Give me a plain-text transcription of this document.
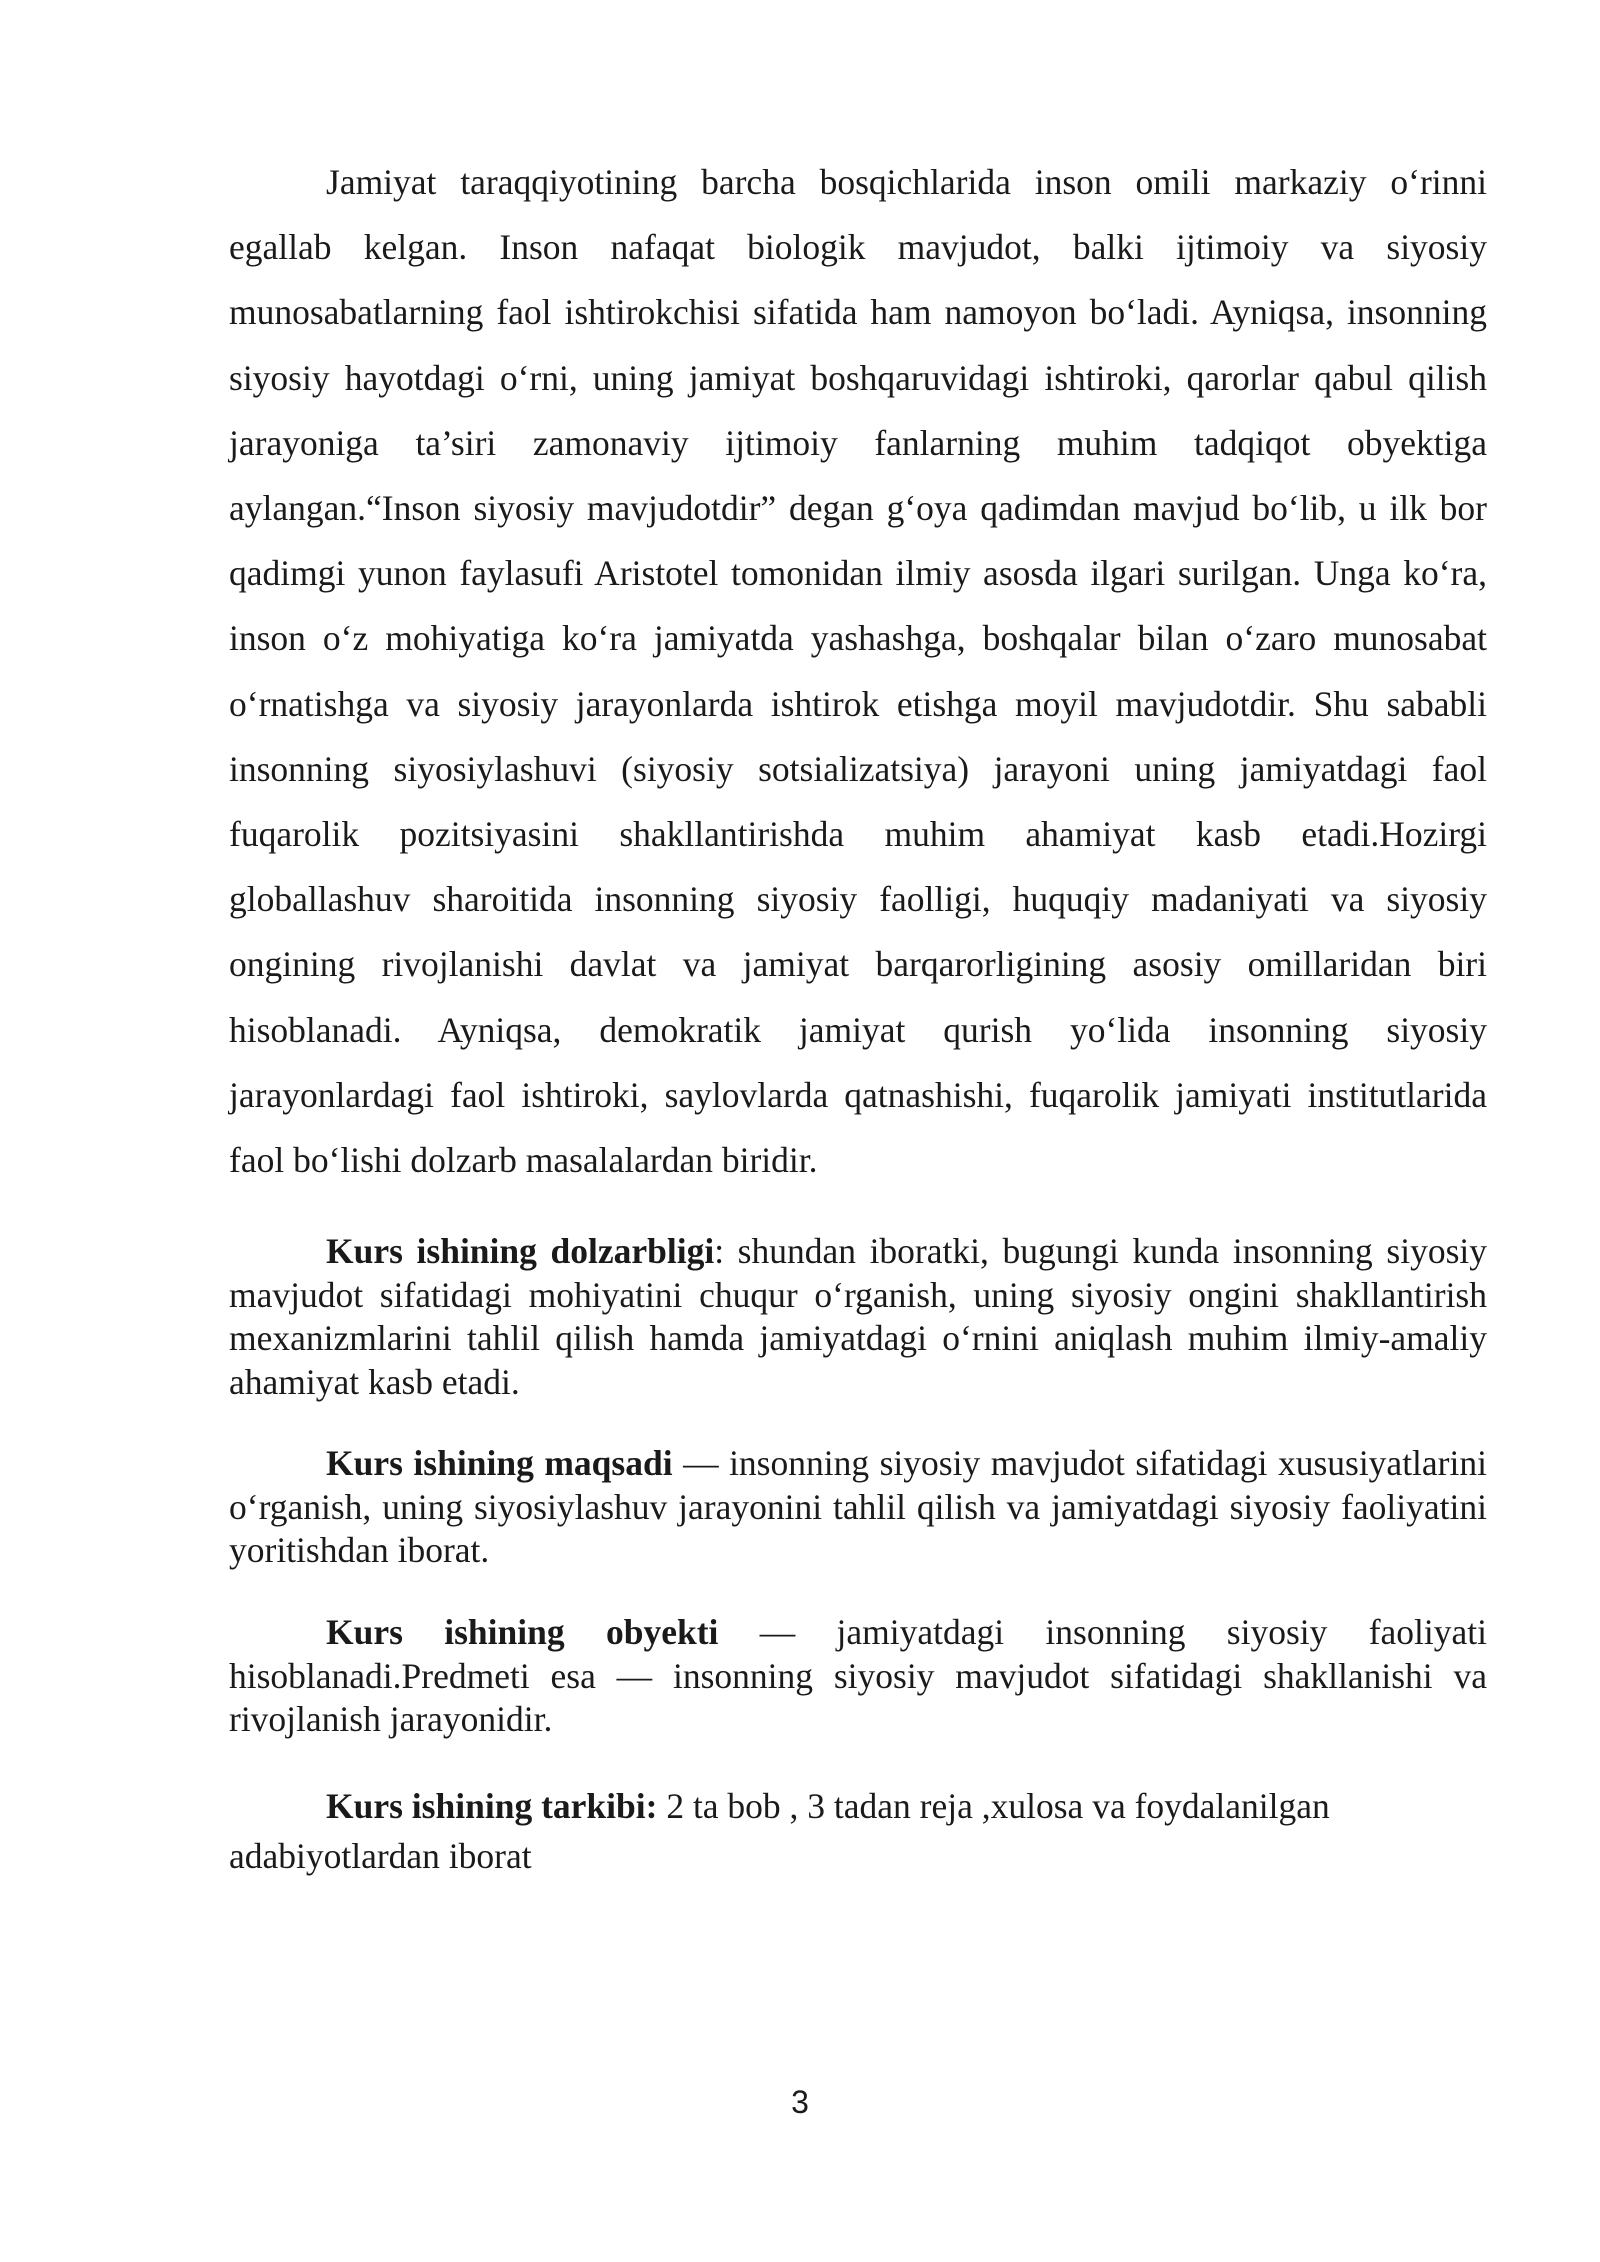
Jamiyat taraqqiyotining barcha bosqichlarida inson omili markaziy o‘rinni egallab kelgan. Inson nafaqat biologik mavjudot, balki ijtimoiy va siyosiy munosabatlarning faol ishtirokchisi sifatida ham namoyon bo‘ladi. Ayniqsa, insonning siyosiy hayotdagi o‘rni, uning jamiyat boshqaruvidagi ishtiroki, qarorlar qabul qilish jarayoniga ta’siri zamonaviy ijtimoiy fanlarning muhim tadqiqot obyektiga aylangan.“Inson siyosiy mavjudotdir” degan g‘oya qadimdan mavjud bo‘lib, u ilk bor qadimgi yunon faylasufi Aristotel tomonidan ilmiy asosda ilgari surilgan. Unga ko‘ra, inson o‘z mohiyatiga ko‘ra jamiyatda yashashga, boshqalar bilan o‘zaro munosabat o‘rnatishga va siyosiy jarayonlarda ishtirok etishga moyil mavjudotdir. Shu sababli insonning siyosiylashuvi (siyosiy sotsializatsiya) jarayoni uning jamiyatdagi faol fuqarolik pozitsiyasini shakllantirishda muhim ahamiyat kasb etadi.Hozirgi globallashuv sharoitida insonning siyosiy faolligi, huquqiy madaniyati va siyosiy ongining rivojlanishi davlat va jamiyat barqarorligining asosiy omillaridan biri hisoblanadi. Ayniqsa, demokratik jamiyat qurish yo‘lida insonning siyosiy jarayonlardagi faol ishtiroki, saylovlarda qatnashishi, fuqarolik jamiyati institutlarida faol bo‘lishi dolzarb masalalardan biridir.

Kurs ishining dolzarbligi: shundan iboratki, bugungi kunda insonning siyosiy mavjudot sifatidagi mohiyatini chuqur o‘rganish, uning siyosiy ongini shakllantirish mexanizmlarini tahlil qilish hamda jamiyatdagi o‘rnini aniqlash muhim ilmiy-amaliy ahamiyat kasb etadi.

Kurs ishining maqsadi — insonning siyosiy mavjudot sifatidagi xususiyatlarini o‘rganish, uning siyosiylashuv jarayonini tahlil qilish va jamiyatdagi siyosiy faoliyatini yoritishdan iborat.

Kurs ishining obyekti — jamiyatdagi insonning siyosiy faoliyati hisoblanadi.Predmeti esa — insonning siyosiy mavjudot sifatidagi shakllanishi va rivojlanish jarayonidir.

Kurs ishining tarkibi: 2 ta bob , 3 tadan reja ,xulosa va foydalanilgan adabiyotlardan iborat

3
